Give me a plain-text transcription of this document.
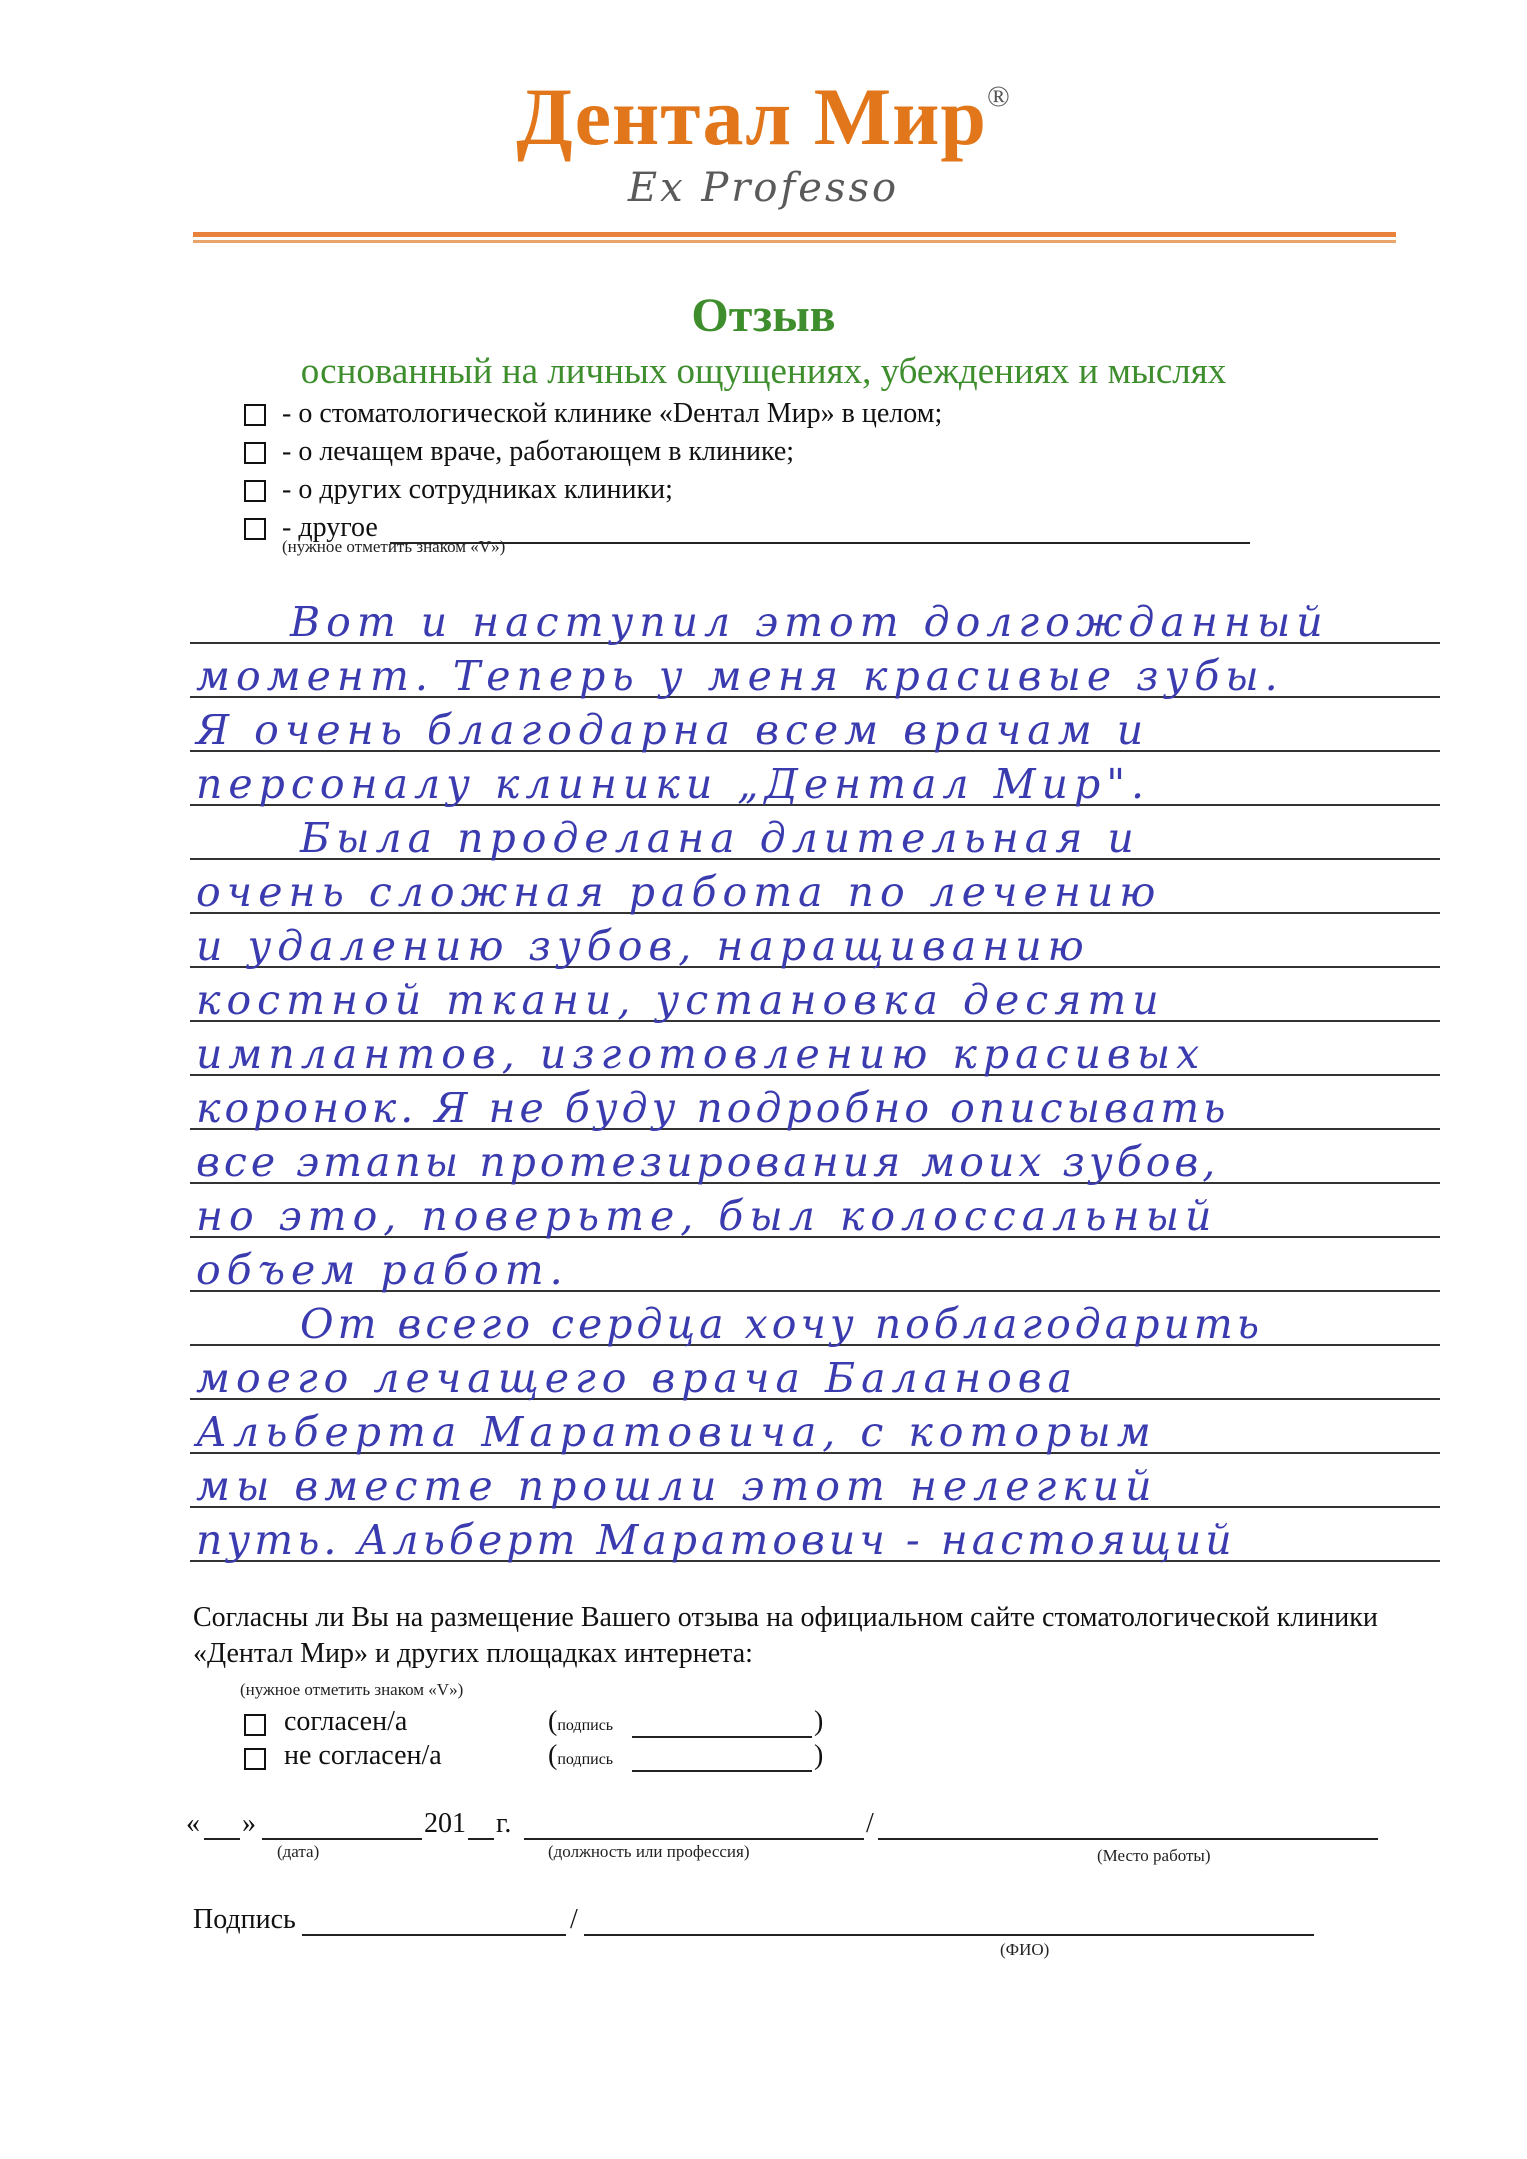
Дентал Мир®
Ex Professo
Отзыв
основанный на личных ощущениях, убеждениях и мыслях
- о стоматологической клинике «Dентал Мир» в целом;
- о лечащем враче, работающем в клинике;
- о других сотрудниках клиники;
- другое
(нужное отметить знаком «V»)
Вот и наступил этот долгожданный
момент. Теперь у меня красивые зубы.
Я очень благодарна всем врачам и
персоналу клиники „Дентал Мир".
Была проделана длительная и
очень сложная работа по лечению
и удалению зубов, наращиванию
костной ткани, установка десяти
имплантов, изготовлению красивых
коронок. Я не буду подробно описывать
все этапы протезирования моих зубов,
но это, поверьте, был колоссальный
объем работ.
От всего сердца хочу поблагодарить
моего лечащего врача Баланова
Альберта Маратовича, с которым
мы вместе прошли этот нелегкий
путь. Альберт Маратович - настоящий
Согласны ли Вы на размещение Вашего отзыва на официальном сайте стоматологической клиники «Дентал Мир» и других площадках интернета:
(нужное отметить знаком «V»)
согласен/а	(подпись	)
не согласен/а	(подпись	)
« »	201 г.	/
(дата)	(должность или профессия)	(Место работы)
Подпись	/
(ФИО)
